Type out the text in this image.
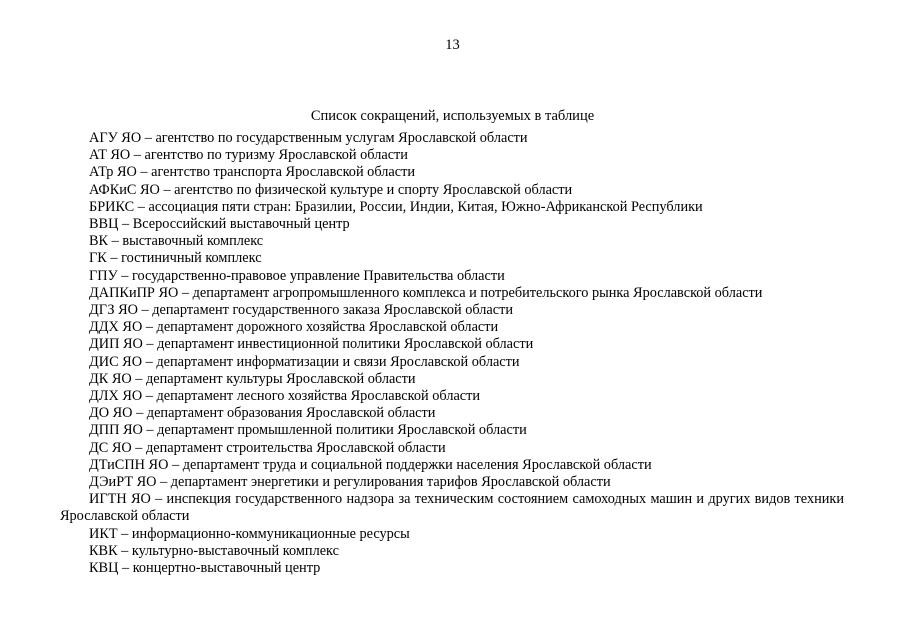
13
Список сокращений, используемых в таблице
АГУ ЯО – агентство по государственным услугам Ярославской области
АТ ЯО – агентство по туризму Ярославской области
АТр ЯО – агентство транспорта Ярославской области
АФКиС ЯО – агентство по физической культуре и спорту Ярославской области
БРИКС – ассоциация пяти стран: Бразилии, России, Индии, Китая, Южно-Африканской Республики
ВВЦ – Всероссийский выставочный центр
ВК – выставочный комплекс
ГК – гостиничный комплекс
ГПУ – государственно-правовое управление Правительства области
ДАПКиПР ЯО – департамент агропромышленного комплекса и потребительского рынка Ярославской области
ДГЗ ЯО – департамент государственного заказа Ярославской области
ДДХ ЯО – департамент дорожного хозяйства Ярославской области
ДИП ЯО – департамент инвестиционной политики Ярославской области
ДИС ЯО – департамент информатизации и связи Ярославской области
ДК ЯО – департамент культуры Ярославской области
ДЛХ ЯО – департамент лесного хозяйства Ярославской области
ДО ЯО – департамент образования Ярославской области
ДПП ЯО – департамент промышленной политики Ярославской области
ДС ЯО – департамент строительства Ярославской области
ДТиСПН ЯО – департамент труда и социальной поддержки населения Ярославской области
ДЭиРТ ЯО – департамент энергетики и регулирования тарифов Ярославской области
ИГТН ЯО – инспекция государственного надзора за техническим состоянием самоходных машин и других видов техники Ярославской области
ИКТ – информационно-коммуникационные ресурсы
КВК – культурно-выставочный комплекс
КВЦ – концертно-выставочный центр
